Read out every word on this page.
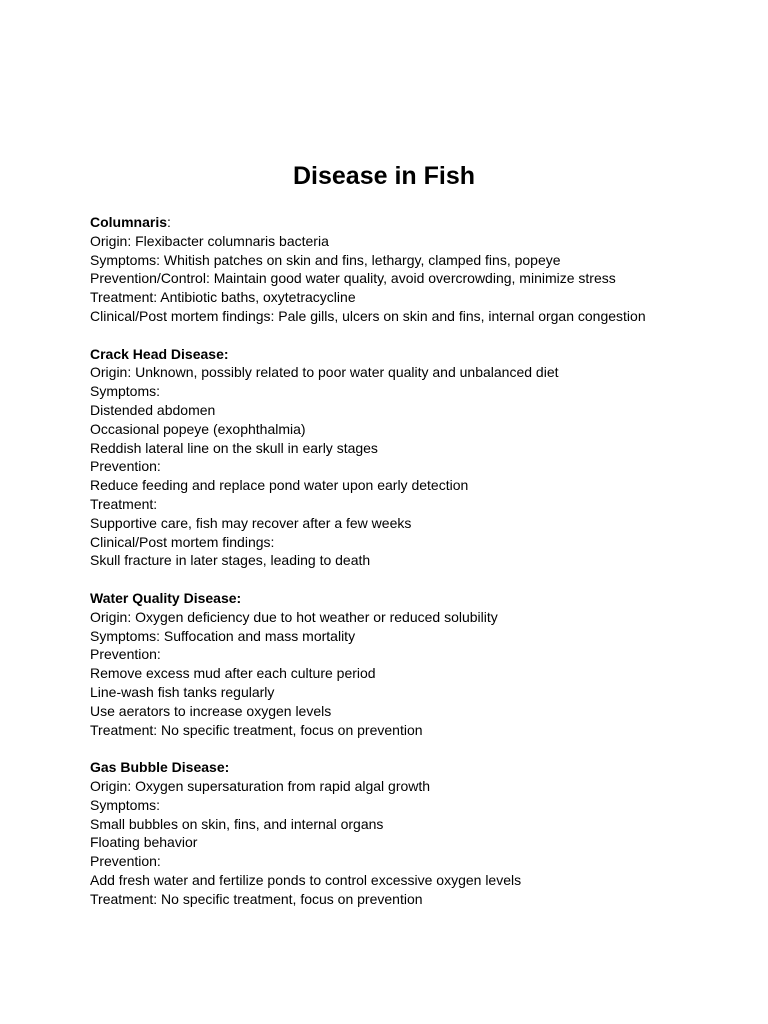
Disease in Fish
Columnaris:
Origin: Flexibacter columnaris bacteria
Symptoms: Whitish patches on skin and fins, lethargy, clamped fins, popeye
Prevention/Control: Maintain good water quality, avoid overcrowding, minimize stress
Treatment: Antibiotic baths, oxytetracycline
Clinical/Post mortem findings: Pale gills, ulcers on skin and fins, internal organ congestion
Crack Head Disease:
Origin: Unknown, possibly related to poor water quality and unbalanced diet
Symptoms:
Distended abdomen
Occasional popeye (exophthalmia)
Reddish lateral line on the skull in early stages
Prevention:
Reduce feeding and replace pond water upon early detection
Treatment:
Supportive care, fish may recover after a few weeks
Clinical/Post mortem findings:
Skull fracture in later stages, leading to death
Water Quality Disease:
Origin: Oxygen deficiency due to hot weather or reduced solubility
Symptoms: Suffocation and mass mortality
Prevention:
Remove excess mud after each culture period
Line-wash fish tanks regularly
Use aerators to increase oxygen levels
Treatment: No specific treatment, focus on prevention
Gas Bubble Disease:
Origin: Oxygen supersaturation from rapid algal growth
Symptoms:
Small bubbles on skin, fins, and internal organs
Floating behavior
Prevention:
Add fresh water and fertilize ponds to control excessive oxygen levels
Treatment: No specific treatment, focus on prevention
